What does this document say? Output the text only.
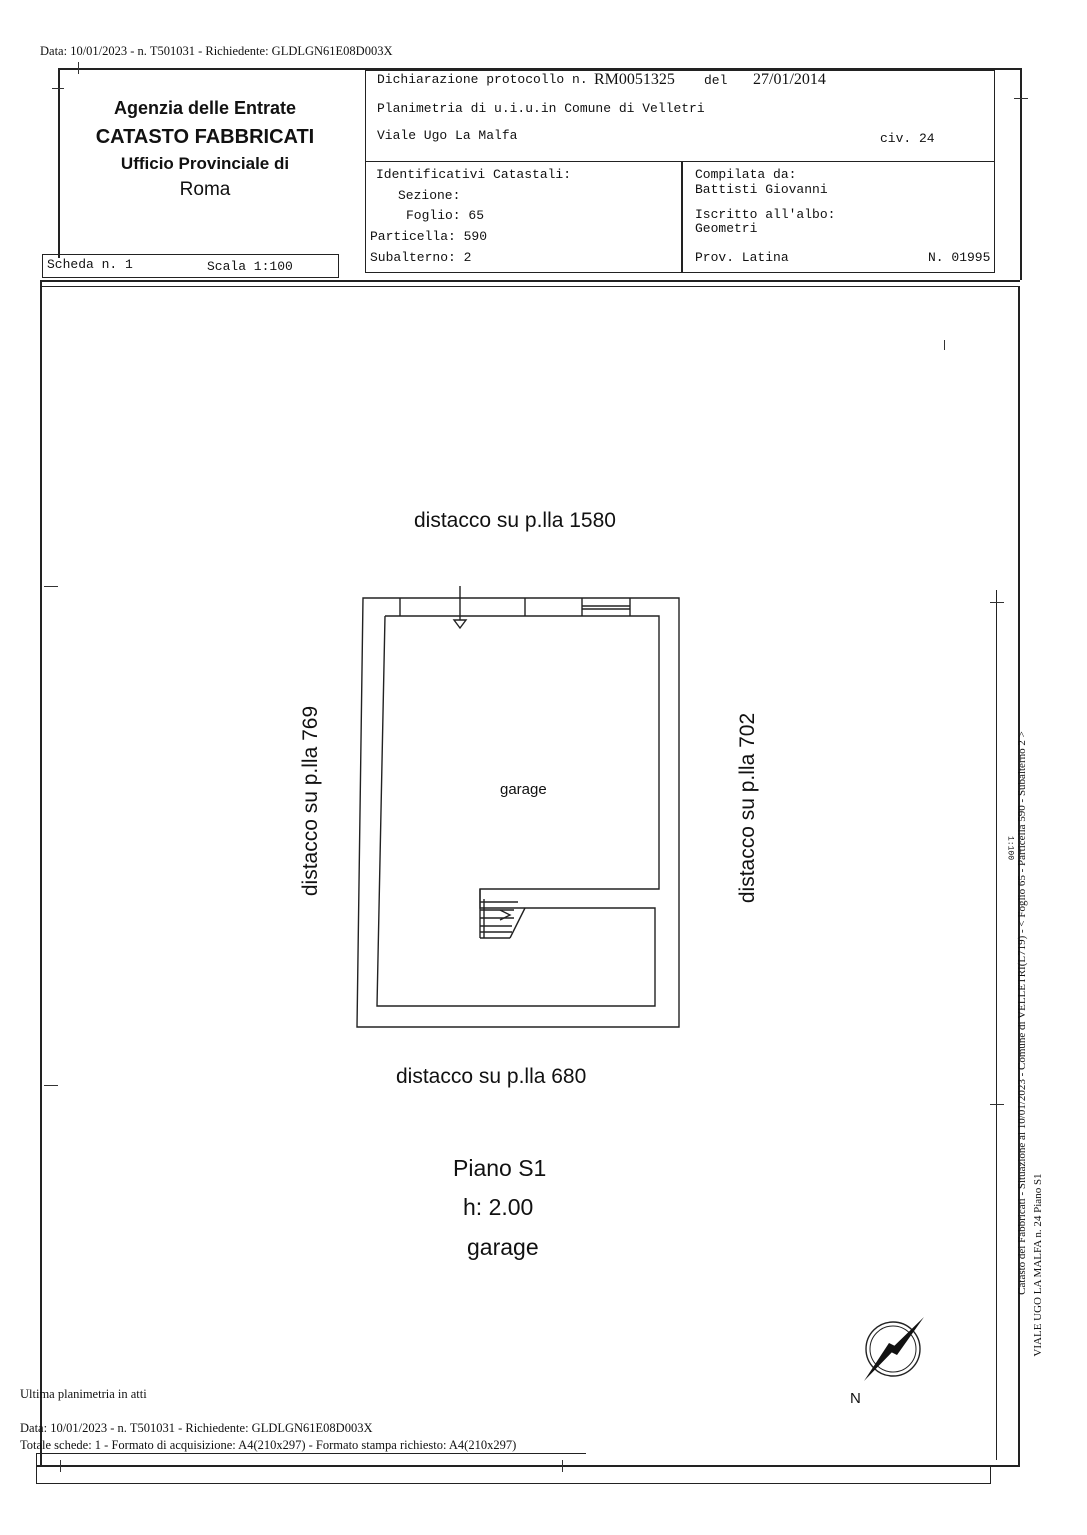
Data: 10/01/2023 - n. T501031 - Richiedente: GLDLGN61E08D003X
Agenzia delle Entrate
CATASTO FABBRICATI
Ufficio Provinciale di
Roma
Dichiarazione protocollo n. RM0051325 del 27/01/2014
Planimetria di u.i.u.in Comune di Velletri
Viale Ugo La Malfa	civ. 24
Identificativi Catastali:
Sezione:
Foglio: 65
Particella: 590
Subalterno: 2
Compilata da:
Battisti Giovanni
Iscritto all'albo:
Geometri
Prov. Latina	N. 01995
Scheda n. 1	Scala 1:100
distacco su p.lla 1580
distacco su p.lla 680
distacco su p.lla 769	distacco su p.lla 702
garage
Piano S1
h: 2.00
garage
N
Catasto dei Fabbricati - Situazione al 10/01/2023 - Comune di VELLETRI(L719) - < Foglio 65 - Particella 590 - Subalterno 2 > VIALE UGO LA MALFA n. 24 Piano S1
1:100
Ultima planimetria in atti
Data: 10/01/2023 - n. T501031 - Richiedente: GLDLGN61E08D003X
Totale schede: 1 - Formato di acquisizione: A4(210x297) - Formato stampa richiesto: A4(210x297)
